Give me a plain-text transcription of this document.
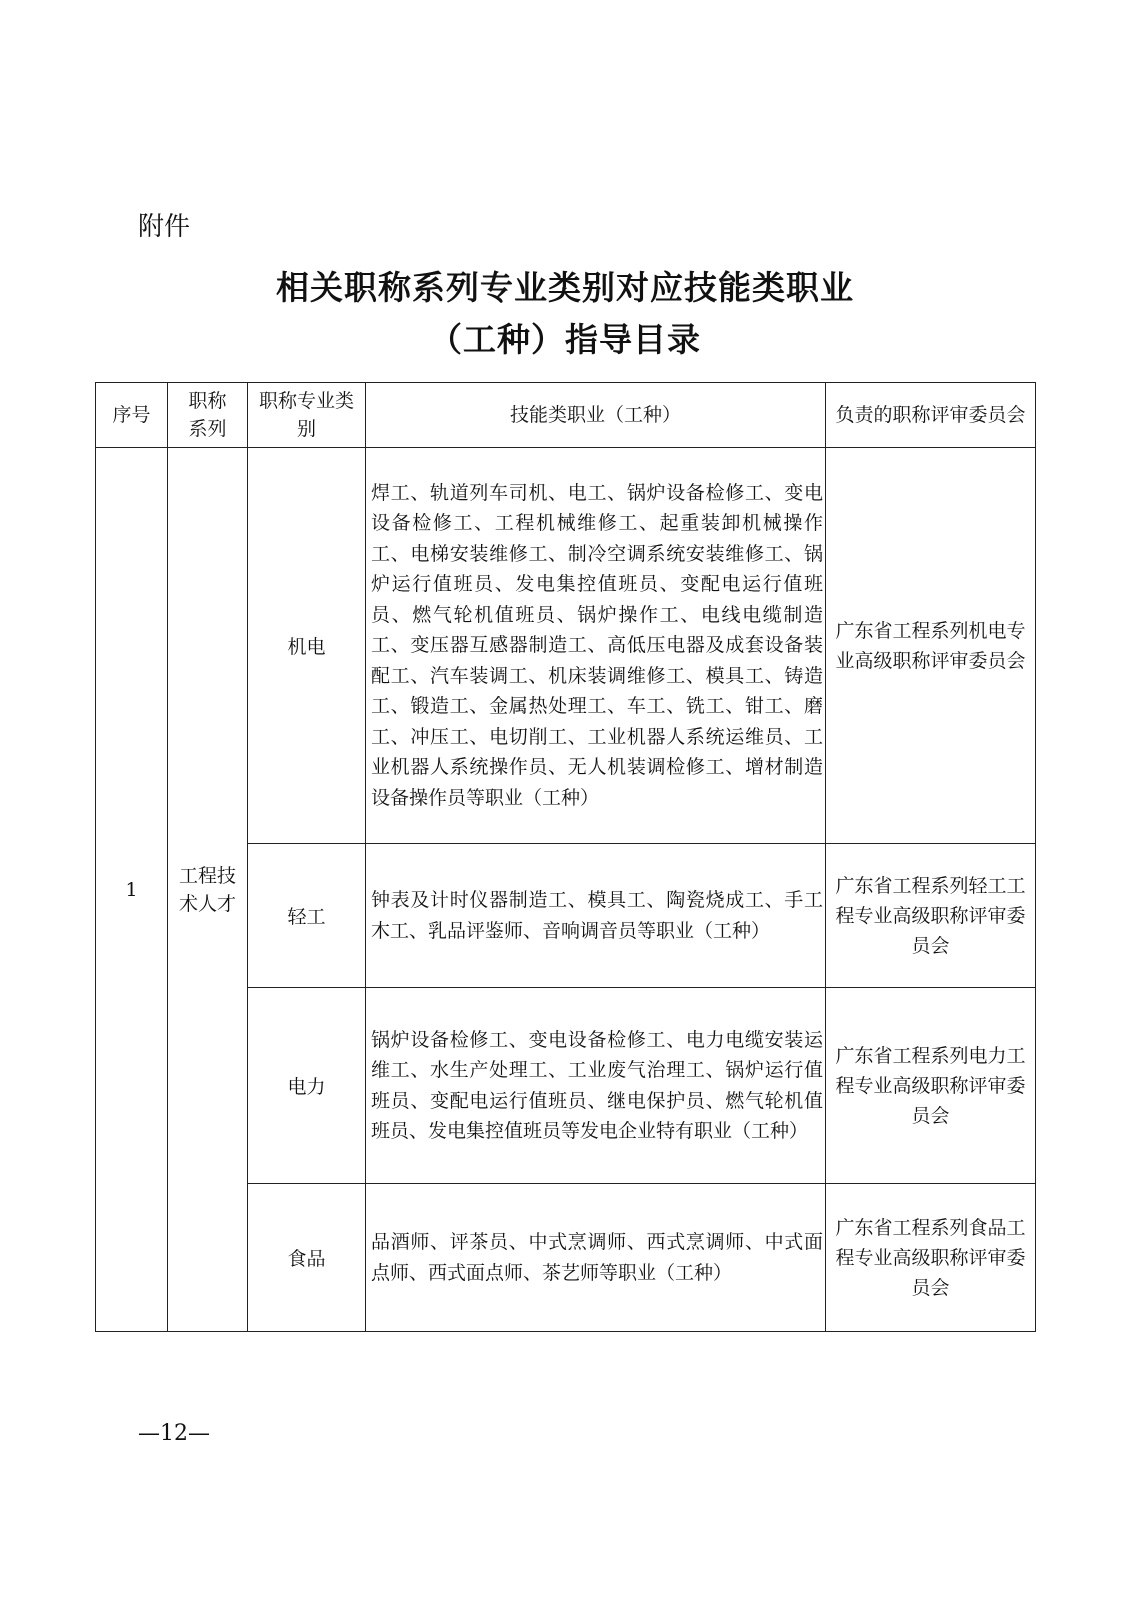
附件
相关职称系列专业类别对应技能类职业
（工种）指导目录
序号	职称系列	职称专业类别	技能类职业（工种）	负责的职称评审委员会
1	工程技术人才	机电	焊工、轨道列车司机、电工、锅炉设备检修工、变电设备检修工、工程机械维修工、起重装卸机械操作工、电梯安装维修工、制冷空调系统安装维修工、锅炉运行值班员、发电集控值班员、变配电运行值班员、燃气轮机值班员、锅炉操作工、电线电缆制造工、变压器互感器制造工、高低压电器及成套设备装配工、汽车装调工、机床装调维修工、模具工、铸造工、锻造工、金属热处理工、车工、铣工、钳工、磨工、冲压工、电切削工、工业机器人系统运维员、工业机器人系统操作员、无人机装调检修工、增材制造设备操作员等职业（工种）	广东省工程系列机电专业高级职称评审委员会
		轻工	钟表及计时仪器制造工、模具工、陶瓷烧成工、手工木工、乳品评鉴师、音响调音员等职业（工种）	广东省工程系列轻工工程专业高级职称评审委员会
		电力	锅炉设备检修工、变电设备检修工、电力电缆安装运维工、水生产处理工、工业废气治理工、锅炉运行值班员、变配电运行值班员、继电保护员、燃气轮机值班员、发电集控值班员等发电企业特有职业（工种）	广东省工程系列电力工程专业高级职称评审委员会
		食品	品酒师、评茶员、中式烹调师、西式烹调师、中式面点师、西式面点师、茶艺师等职业（工种）	广东省工程系列食品工程专业高级职称评审委员会
—12—
